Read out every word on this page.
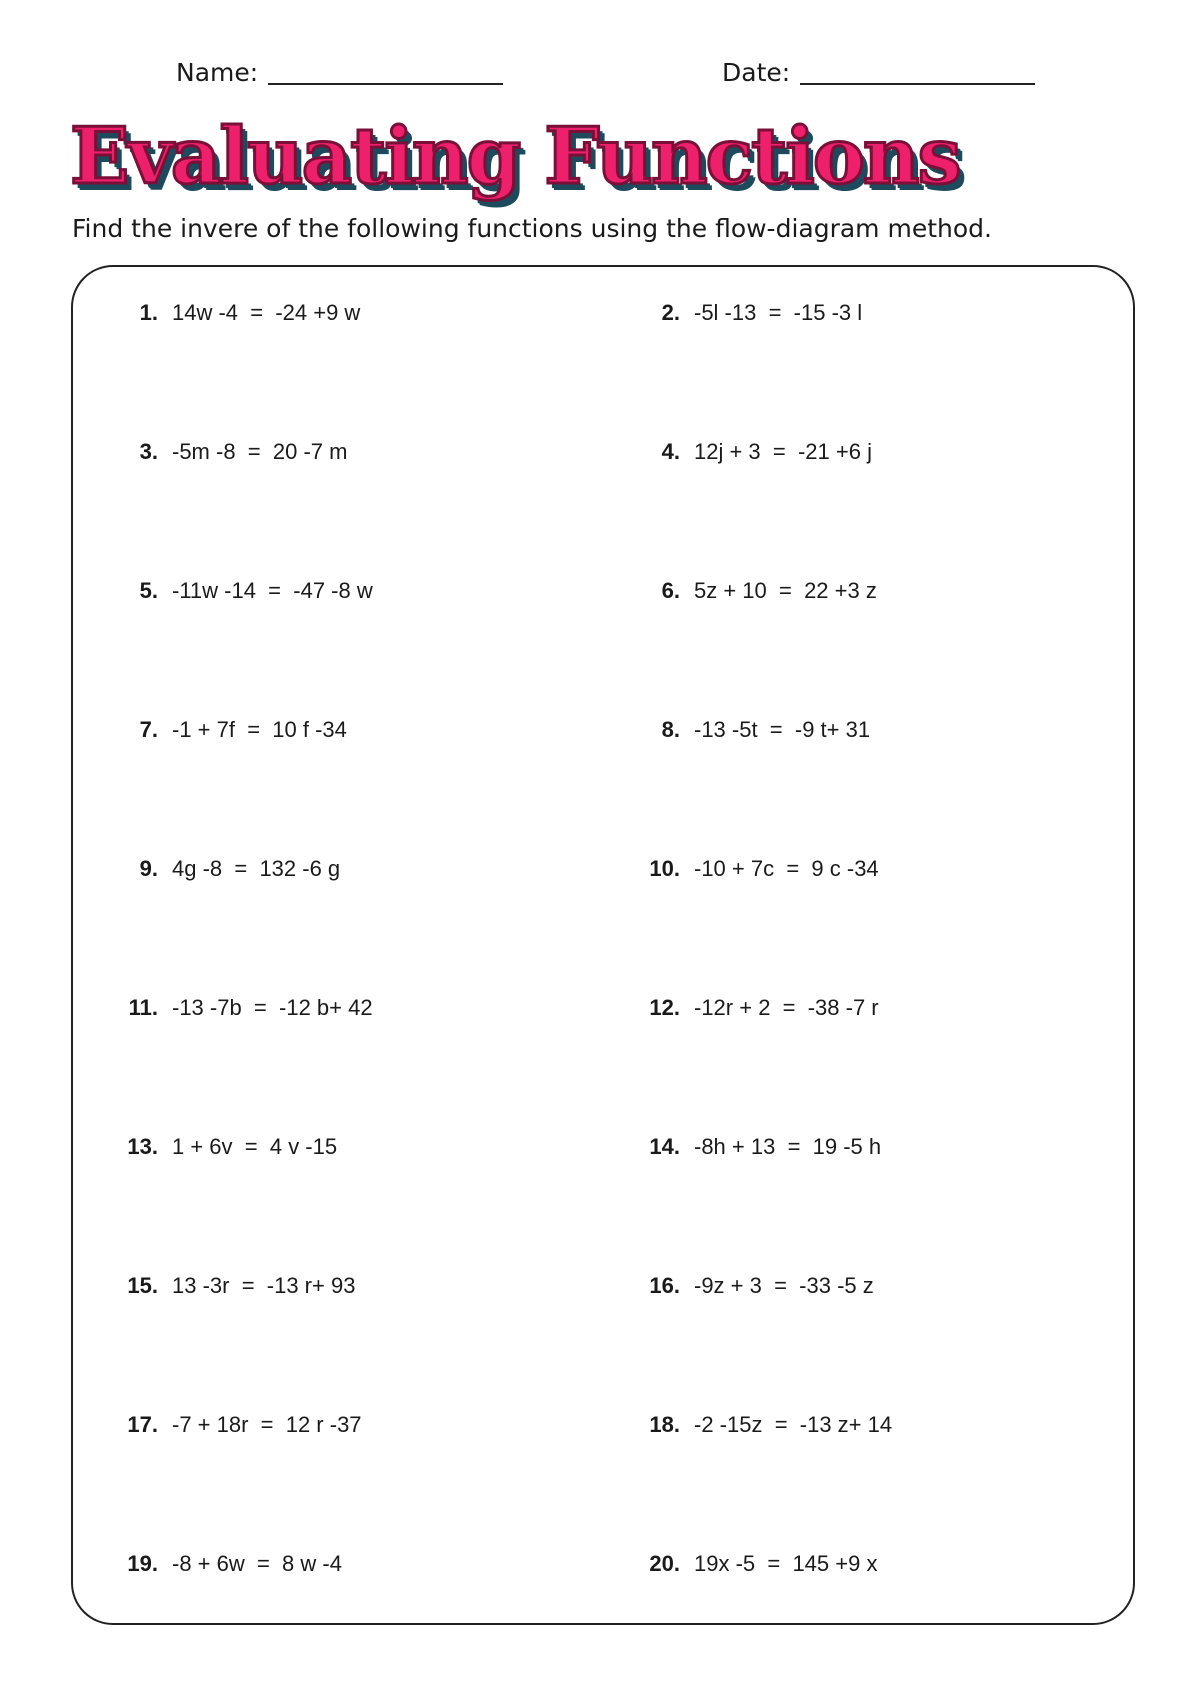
Name:	Date:
Evaluating Functions
Find the invere of the following functions using the flow-diagram method.
1. 14w -4  =  -24 +9 w	2. -5l -13  =  -15 -3 l
3. -5m -8  =  20 -7 m	4. 12j + 3  =  -21 +6 j
5. -11w -14  =  -47 -8 w	6. 5z + 10  =  22 +3 z
7. -1 + 7f  =  10 f -34	8. -13 -5t  =  -9 t+ 31
9. 4g -8  =  132 -6 g	10. -10 + 7c  =  9 c -34
11. -13 -7b  =  -12 b+ 42	12. -12r + 2  =  -38 -7 r
13. 1 + 6v  =  4 v -15	14. -8h + 13  =  19 -5 h
15. 13 -3r  =  -13 r+ 93	16. -9z + 3  =  -33 -5 z
17. -7 + 18r  =  12 r -37	18. -2 -15z  =  -13 z+ 14
19. -8 + 6w  =  8 w -4	20. 19x -5  =  145 +9 x
